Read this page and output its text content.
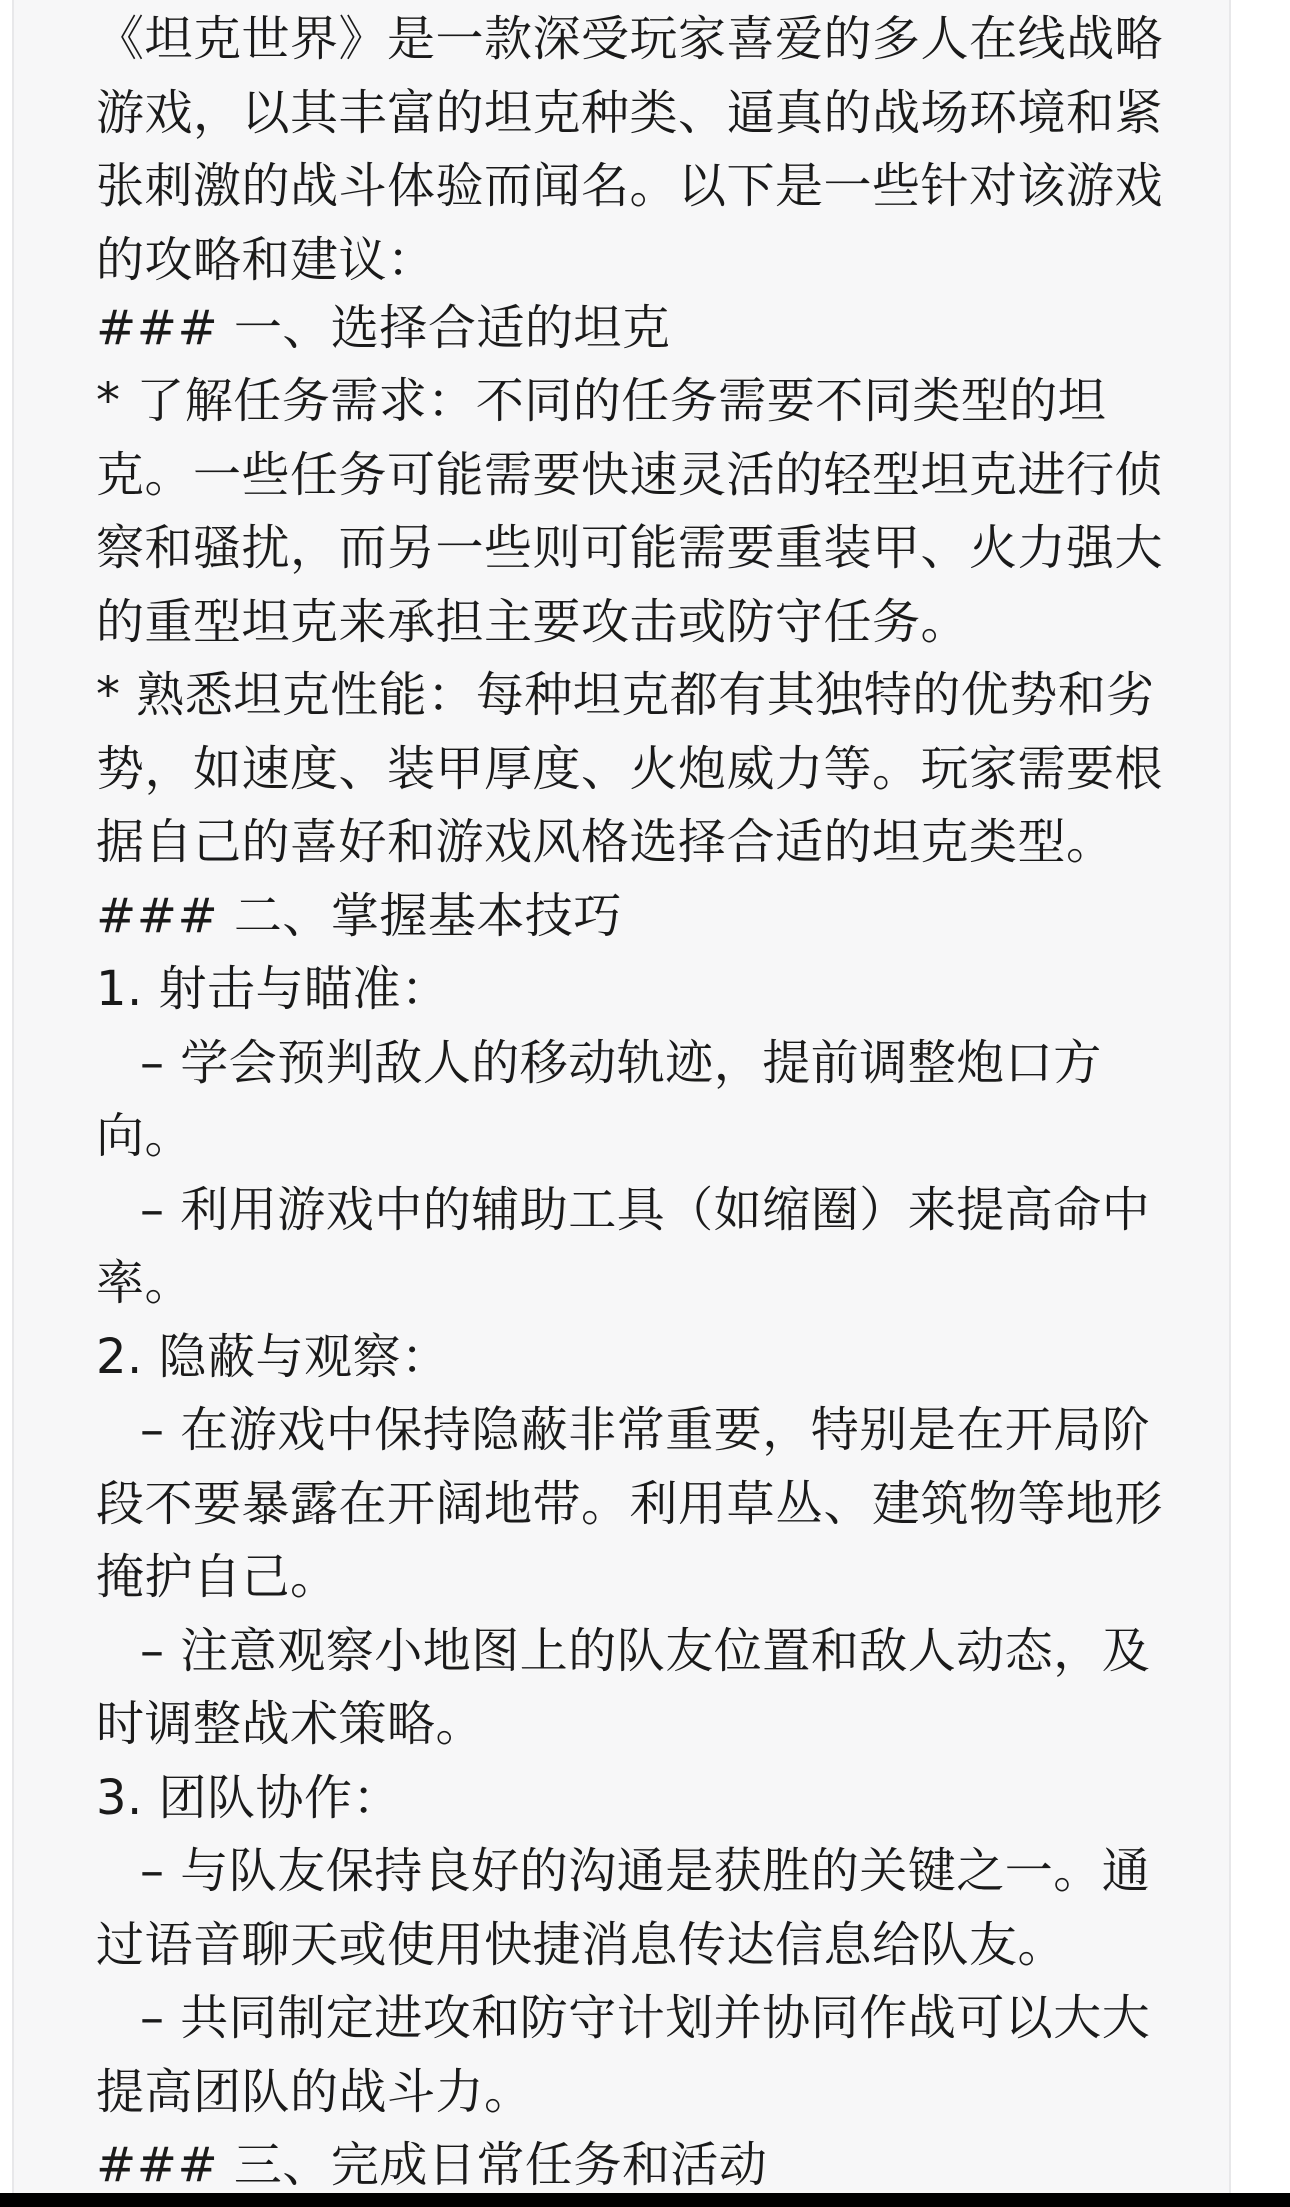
《坦克世界》是一款深受玩家喜爱的多人在线战略
游戏，以其丰富的坦克种类、逼真的战场环境和紧
张刺激的战斗体验而闻名。以下是一些针对该游戏
的攻略和建议：
### 一、选择合适的坦克
* 了解任务需求：不同的任务需要不同类型的坦
克。一些任务可能需要快速灵活的轻型坦克进行侦
察和骚扰，而另一些则可能需要重装甲、火力强大
的重型坦克来承担主要攻击或防守任务。
* 熟悉坦克性能：每种坦克都有其独特的优势和劣
势，如速度、装甲厚度、火炮威力等。玩家需要根
据自己的喜好和游戏风格选择合适的坦克类型。
### 二、掌握基本技巧
1. 射击与瞄准：
– 学会预判敌人的移动轨迹，提前调整炮口方
向。
– 利用游戏中的辅助工具（如缩圈）来提高命中
率。
2. 隐蔽与观察：
– 在游戏中保持隐蔽非常重要，特别是在开局阶
段不要暴露在开阔地带。利用草丛、建筑物等地形
掩护自己。
– 注意观察小地图上的队友位置和敌人动态，及
时调整战术策略。
3. 团队协作：
– 与队友保持良好的沟通是获胜的关键之一。通
过语音聊天或使用快捷消息传达信息给队友。
– 共同制定进攻和防守计划并协同作战可以大大
提高团队的战斗力。
### 三、完成日常任务和活动
